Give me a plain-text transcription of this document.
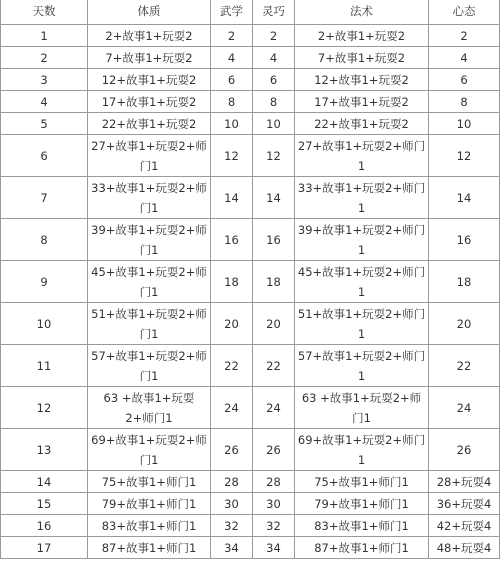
天数	体质	武学	灵巧	法术	心态
1	2+故事1+玩耍2	2	2	2+故事1+玩耍2	2
2	7+故事1+玩耍2	4	4	7+故事1+玩耍2	4
3	12+故事1+玩耍2	6	6	12+故事1+玩耍2	6
4	17+故事1+玩耍2	8	8	17+故事1+玩耍2	8
5	22+故事1+玩耍2	10	10	22+故事1+玩耍2	10
6	27+故事1+玩耍2+师门1	12	12	27+故事1+玩耍2+师门1	12
7	33+故事1+玩耍2+师门1	14	14	33+故事1+玩耍2+师门1	14
8	39+故事1+玩耍2+师门1	16	16	39+故事1+玩耍2+师门1	16
9	45+故事1+玩耍2+师门1	18	18	45+故事1+玩耍2+师门1	18
10	51+故事1+玩耍2+师门1	20	20	51+故事1+玩耍2+师门1	20
11	57+故事1+玩耍2+师门1	22	22	57+故事1+玩耍2+师门1	22
12	63 +故事1+玩耍2+师门1	24	24	63 +故事1+玩耍2+师门1	24
13	69+故事1+玩耍2+师门1	26	26	69+故事1+玩耍2+师门1	26
14	75+故事1+师门1	28	28	75+故事1+师门1	28+玩耍4
15	79+故事1+师门1	30	30	79+故事1+师门1	36+玩耍4
16	83+故事1+师门1	32	32	83+故事1+师门1	42+玩耍4
17	87+故事1+师门1	34	34	87+故事1+师门1	48+玩耍4
